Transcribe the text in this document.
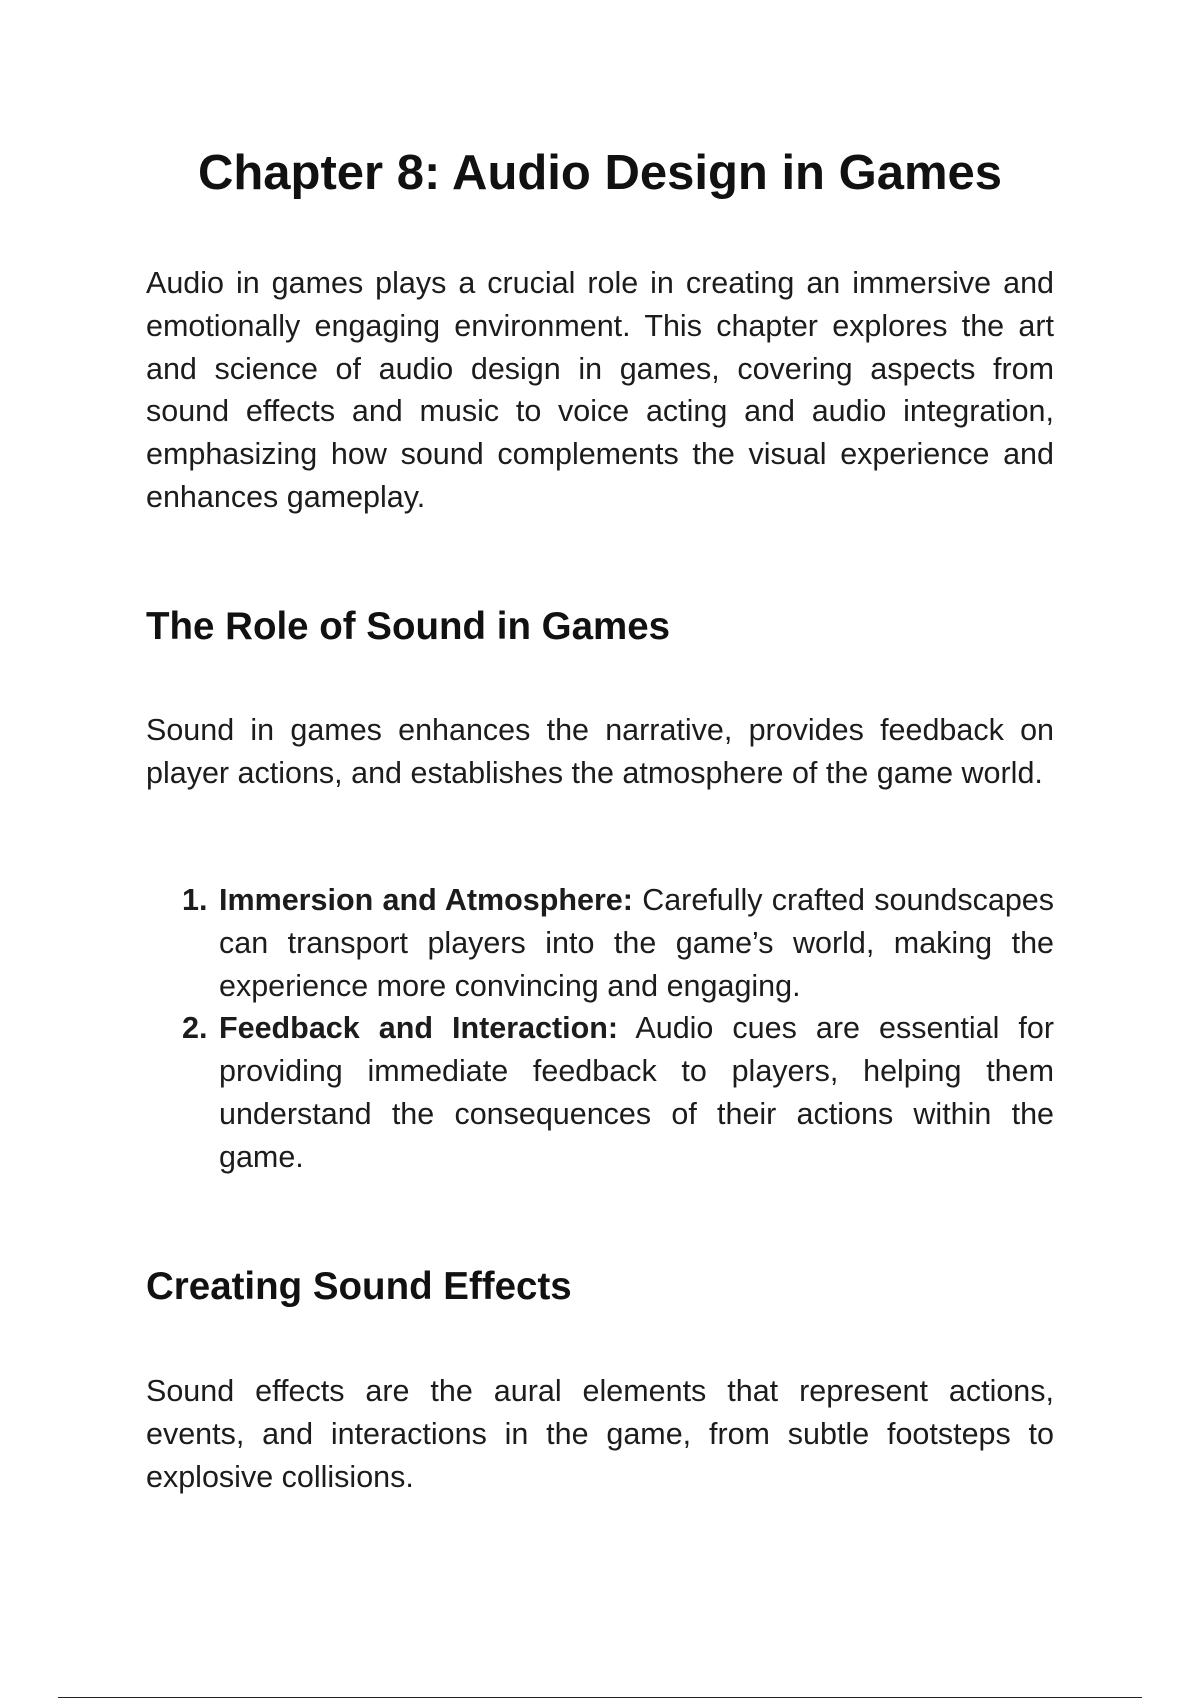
Chapter 8: Audio Design in Games

Audio in games plays a crucial role in creating an immersive and emotionally engaging environment. This chapter explores the art and science of audio design in games, covering aspects from sound effects and music to voice acting and audio integration, emphasizing how sound complements the visual experience and enhances gameplay.

The Role of Sound in Games

Sound in games enhances the narrative, provides feedback on player actions, and establishes the atmosphere of the game world.

1. Immersion and Atmosphere: Carefully crafted soundscapes can transport players into the game’s world, making the experience more convincing and engaging.
2. Feedback and Interaction: Audio cues are essential for providing immediate feedback to players, helping them understand the consequences of their actions within the game.
Creating Sound Effects

Sound effects are the aural elements that represent actions, events, and interactions in the game, from subtle footsteps to explosive collisions.
